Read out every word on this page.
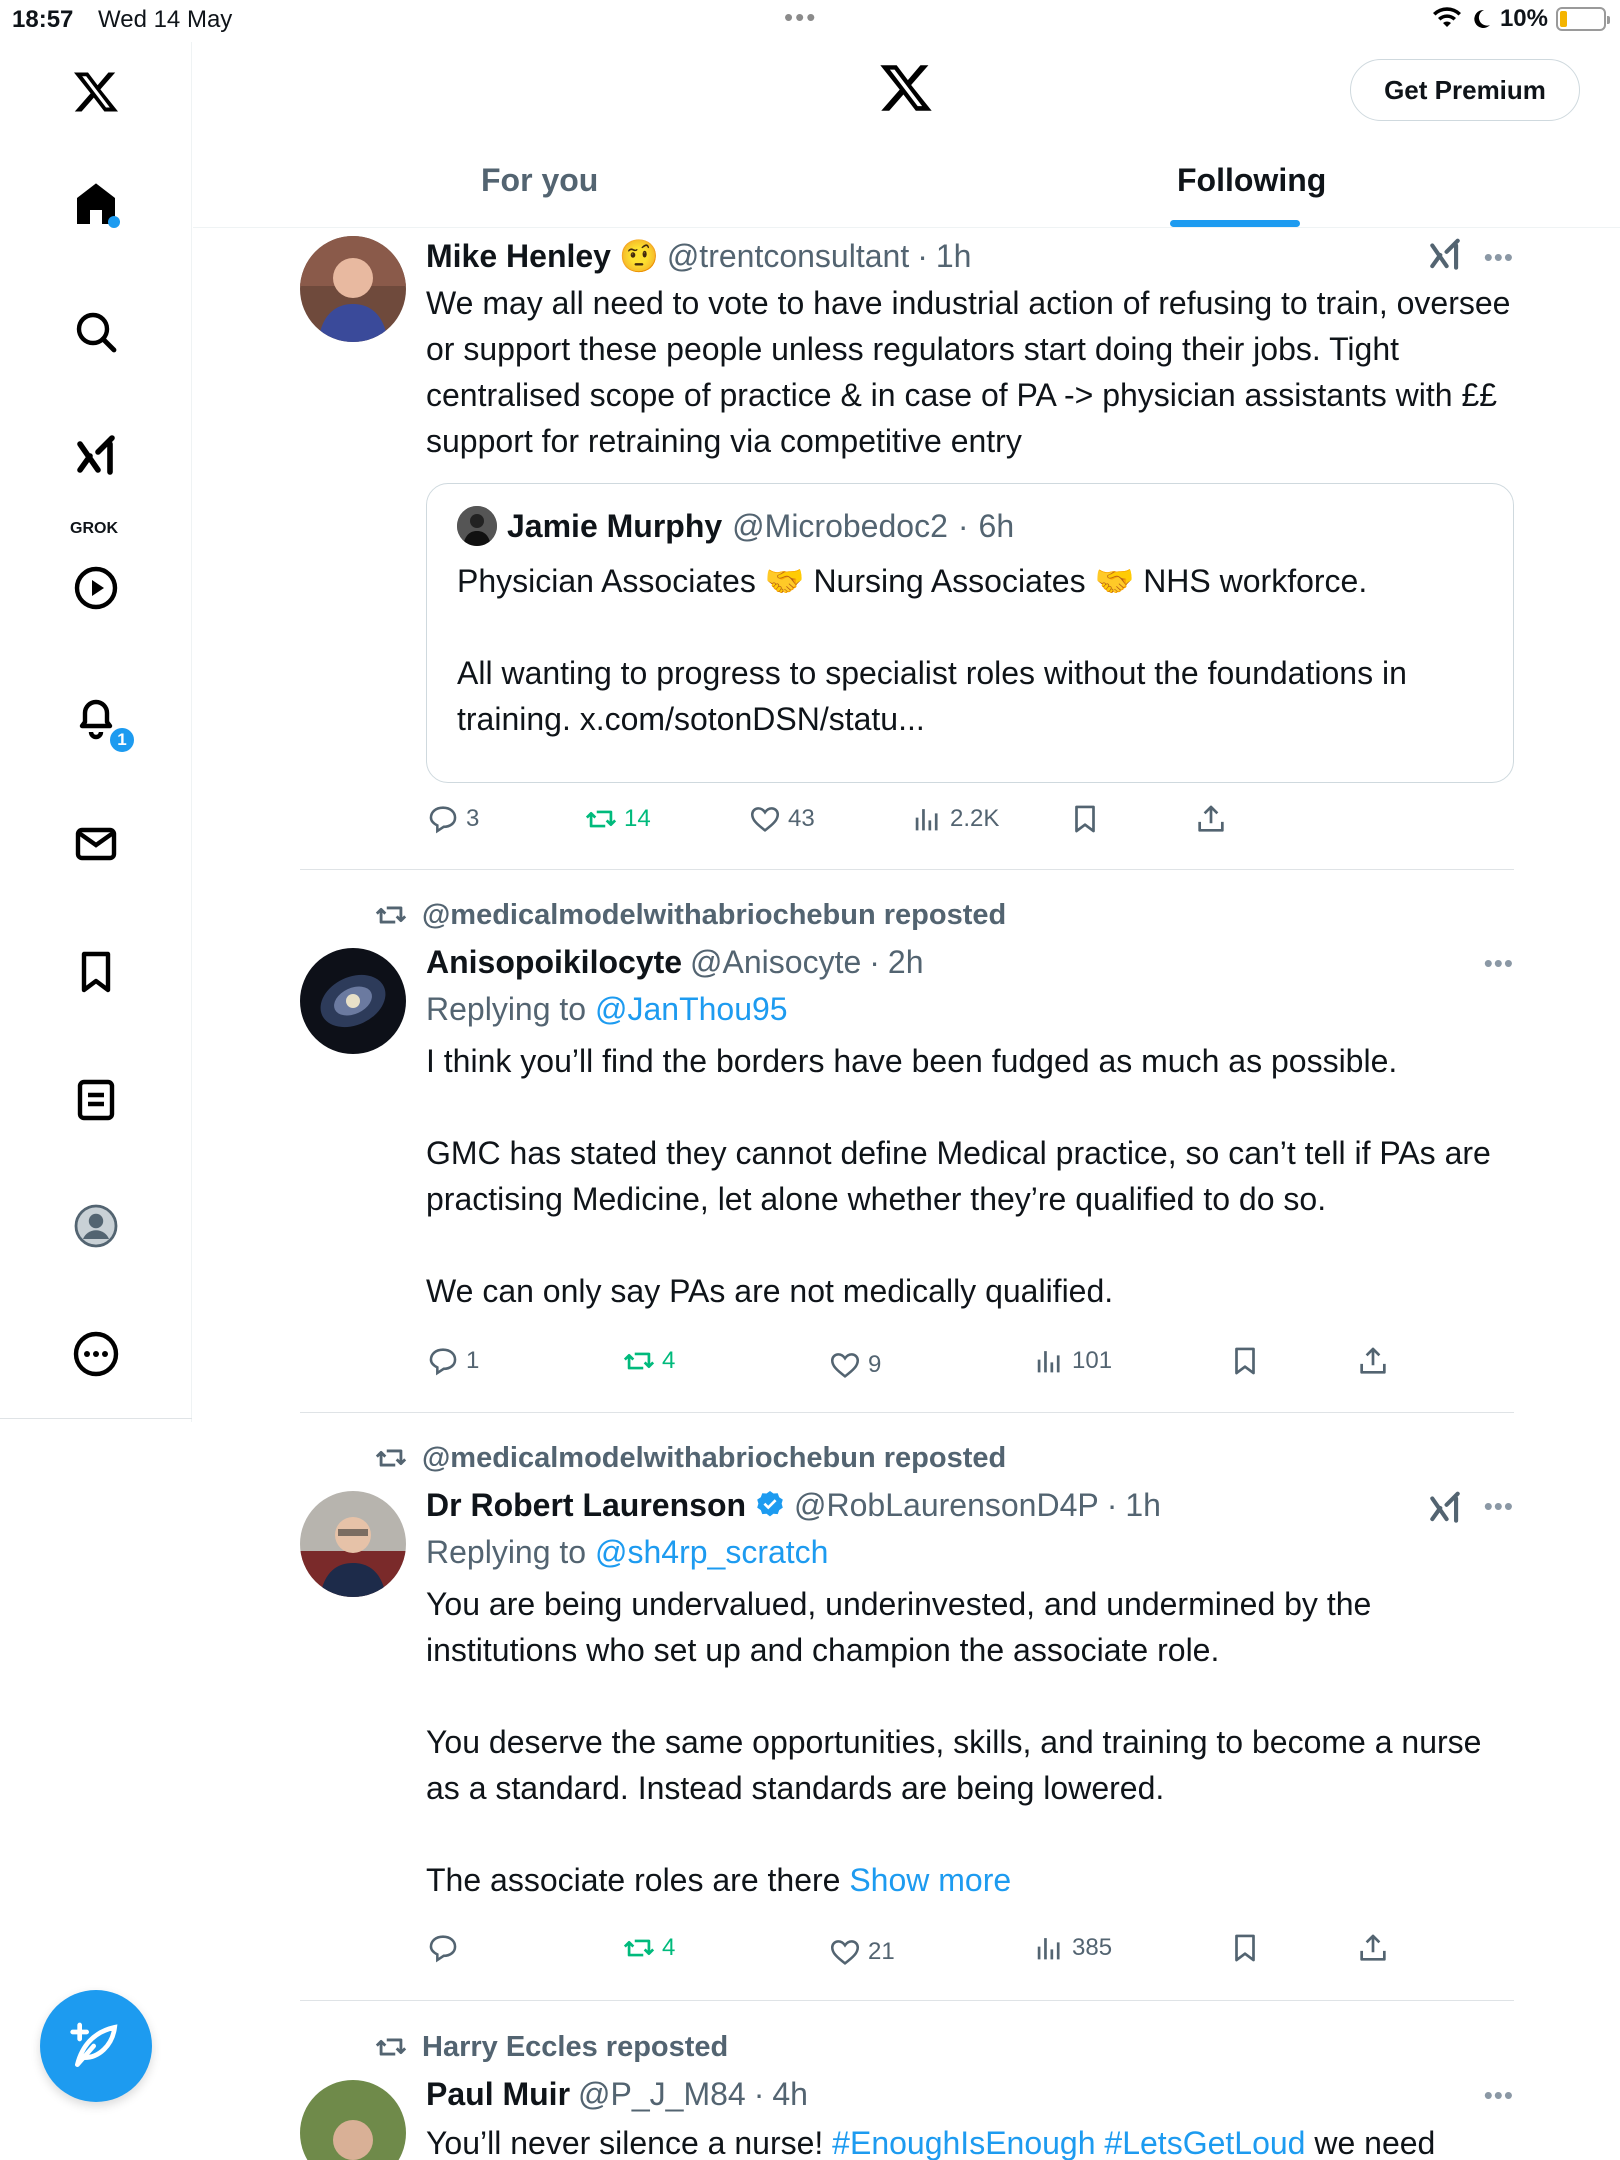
18:57 Wed 14 May	•••	10%
GROK
1
Get Premium
For you	Following
Mike Henley 🤨 @trentconsultant · 1h
We may all need to vote to have industrial action of refusing to train, oversee or support these people unless regulators start doing their jobs. Tight centralised scope of practice & in case of PA -> physician assistants with ££ support for retraining via competitive entry
•••
Jamie Murphy @Microbedoc2 · 6h
Physician Associates 🤝 Nursing Associates 🤝 NHS workforce.
All wanting to progress to specialist roles without the foundations in training. x.com/sotonDSN/statu...
3	14	43	2.2K
@medicalmodelwithabriochebun reposted
Anisopoikilocyte @Anisocyte · 2h
Replying to @JanThou95
I think you’ll find the borders have been fudged as much as possible.

GMC has stated they cannot define Medical practice, so can’t tell if PAs are practising Medicine, let alone whether they’re qualified to do so.

We can only say PAs are not medically qualified.
•••
1	4	9	101
@medicalmodelwithabriochebun reposted
Dr Robert Laurenson @RobLaurensonD4P · 1h
Replying to @sh4rp_scratch
You are being undervalued, underinvested, and undermined by the institutions who set up and champion the associate role.

You deserve the same opportunities, skills, and training to become a nurse as a standard. Instead standards are being lowered.

The associate roles are there Show more
•••
4	21	385
Harry Eccles reposted
Paul Muir @P_J_M84 · 4h
You’ll never silence a nurse! #EnoughIsEnough #LetsGetLoud we need
•••
